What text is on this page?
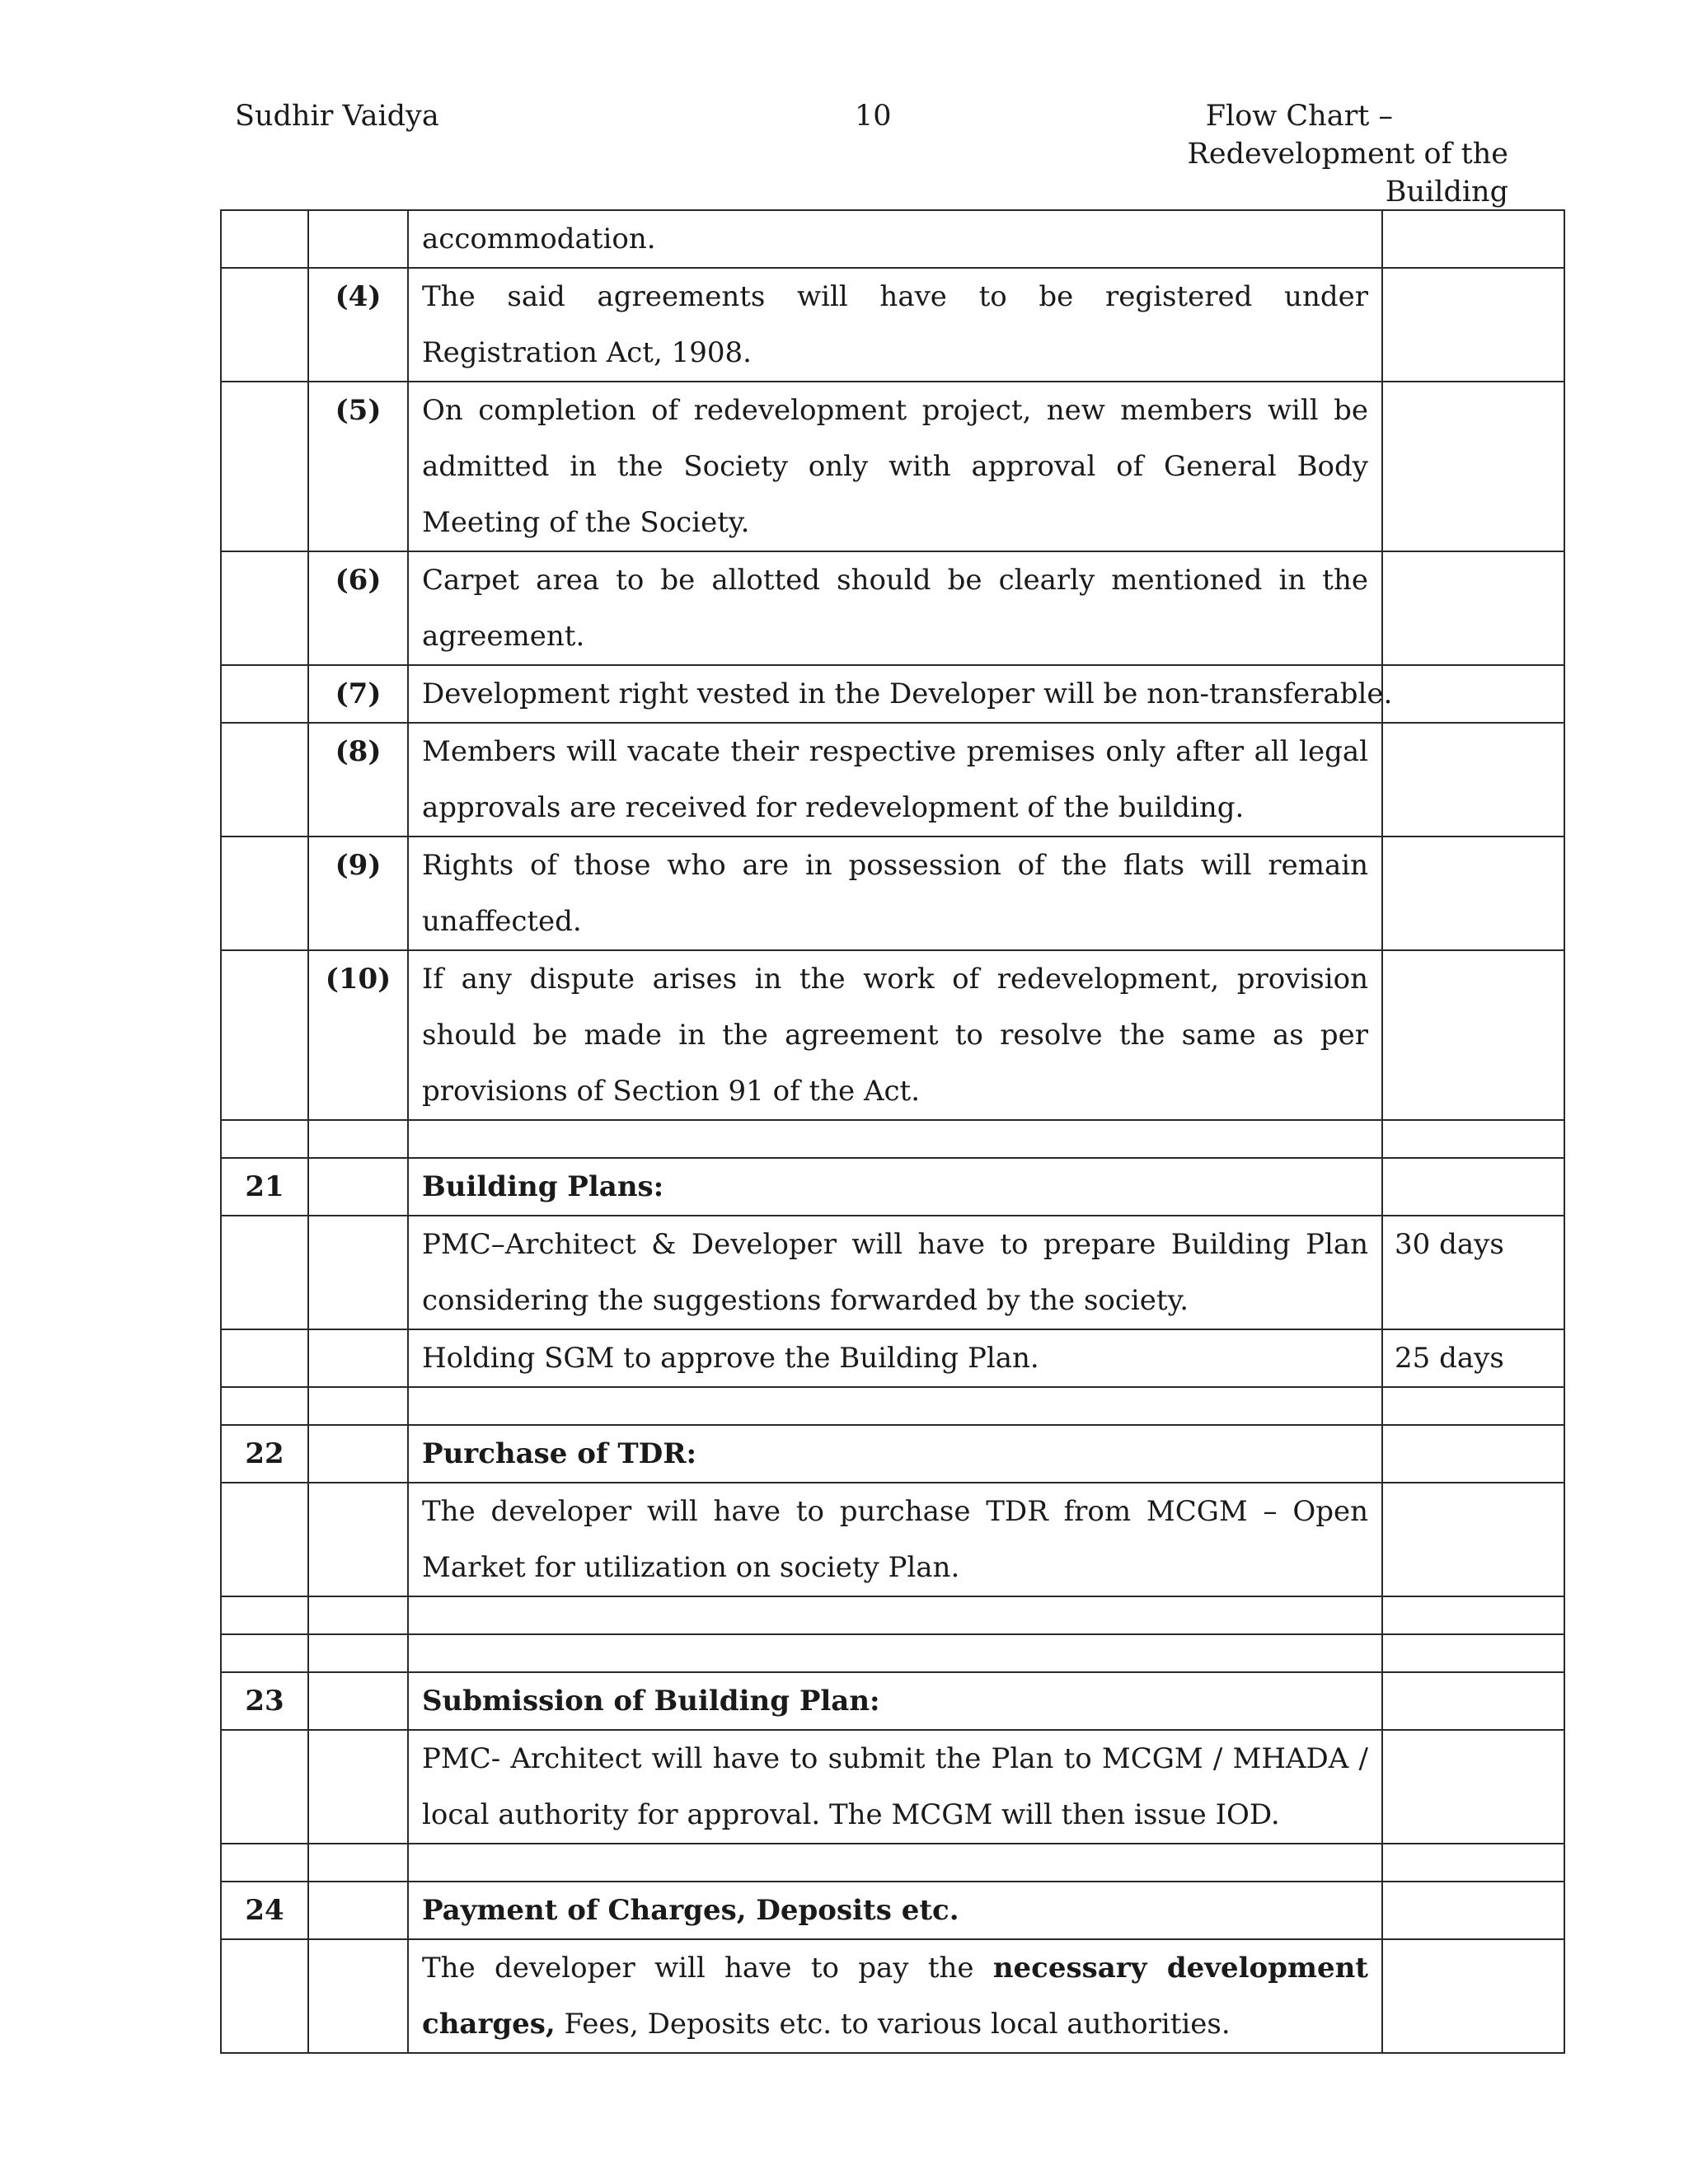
Sudhir Vaidya	10	Flow Chart –
Redevelopment of the Building
		accommodation.	
	(4)	The said agreements will have to be registered under Registration Act, 1908.	
	(5)	On completion of redevelopment project, new members will be admitted in the Society only with approval of General Body Meeting of the Society.	
	(6)	Carpet area to be allotted should be clearly mentioned in the agreement.	
	(7)	Development right vested in the Developer will be non-transferable.	
	(8)	Members will vacate their respective premises only after all legal approvals are received for redevelopment of the building.	
	(9)	Rights of those who are in possession of the flats will remain unaffected.	
	(10)	If any dispute arises in the work of redevelopment, provision should be made in the agreement to resolve the same as per provisions of Section 91 of the Act.	

21		Building Plans:	
		PMC–Architect & Developer will have to prepare Building Plan considering the suggestions forwarded by the society.	30 days
		Holding SGM to approve the Building Plan.	25 days

22		Purchase of TDR:	
		The developer will have to purchase TDR from MCGM – Open Market for utilization on society Plan.	

23		Submission of Building Plan:	
		PMC- Architect will have to submit the Plan to MCGM / MHADA / local authority for approval. The MCGM will then issue IOD.	

24		Payment of Charges, Deposits etc.	
		The developer will have to pay the necessary development charges, Fees, Deposits etc. to various local authorities.	
